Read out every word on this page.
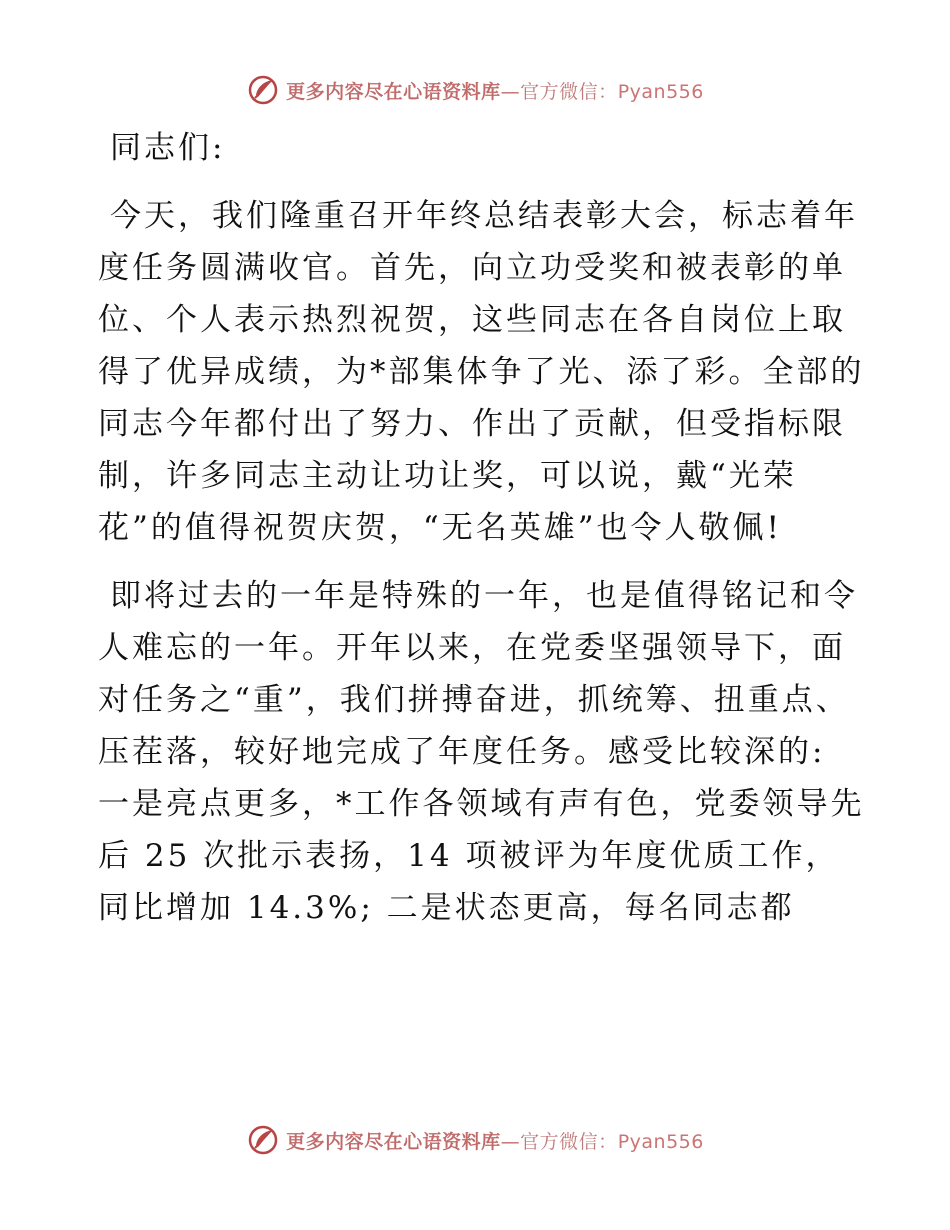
更多内容尽在心语资料库—官方微信：Pyan556

同志们:

今天，我们隆重召开年终总结表彰大会，标志着年度任务圆满收官。首先，向立功受奖和被表彰的单位、个人表示热烈祝贺，这些同志在各自岗位上取得了优异成绩，为*部集体争了光、添了彩。全部的同志今年都付出了努力、作出了贡献，但受指标限制，许多同志主动让功让奖，可以说，戴“光荣花”的值得祝贺庆贺，“无名英雄”也令人敬佩!

即将过去的一年是特殊的一年，也是值得铭记和令人难忘的一年。开年以来，在党委坚强领导下，面对任务之“重”，我们拼搏奋进，抓统筹、扭重点、压茬落，较好地完成了年度任务。感受比较深的: 一是亮点更多，*工作各领域有声有色，党委领导先后 25 次批示表扬，14 项被评为年度优质工作，同比增加 14.3%; 二是状态更高，每名同志都

更多内容尽在心语资料库—官方微信：Pyan556
